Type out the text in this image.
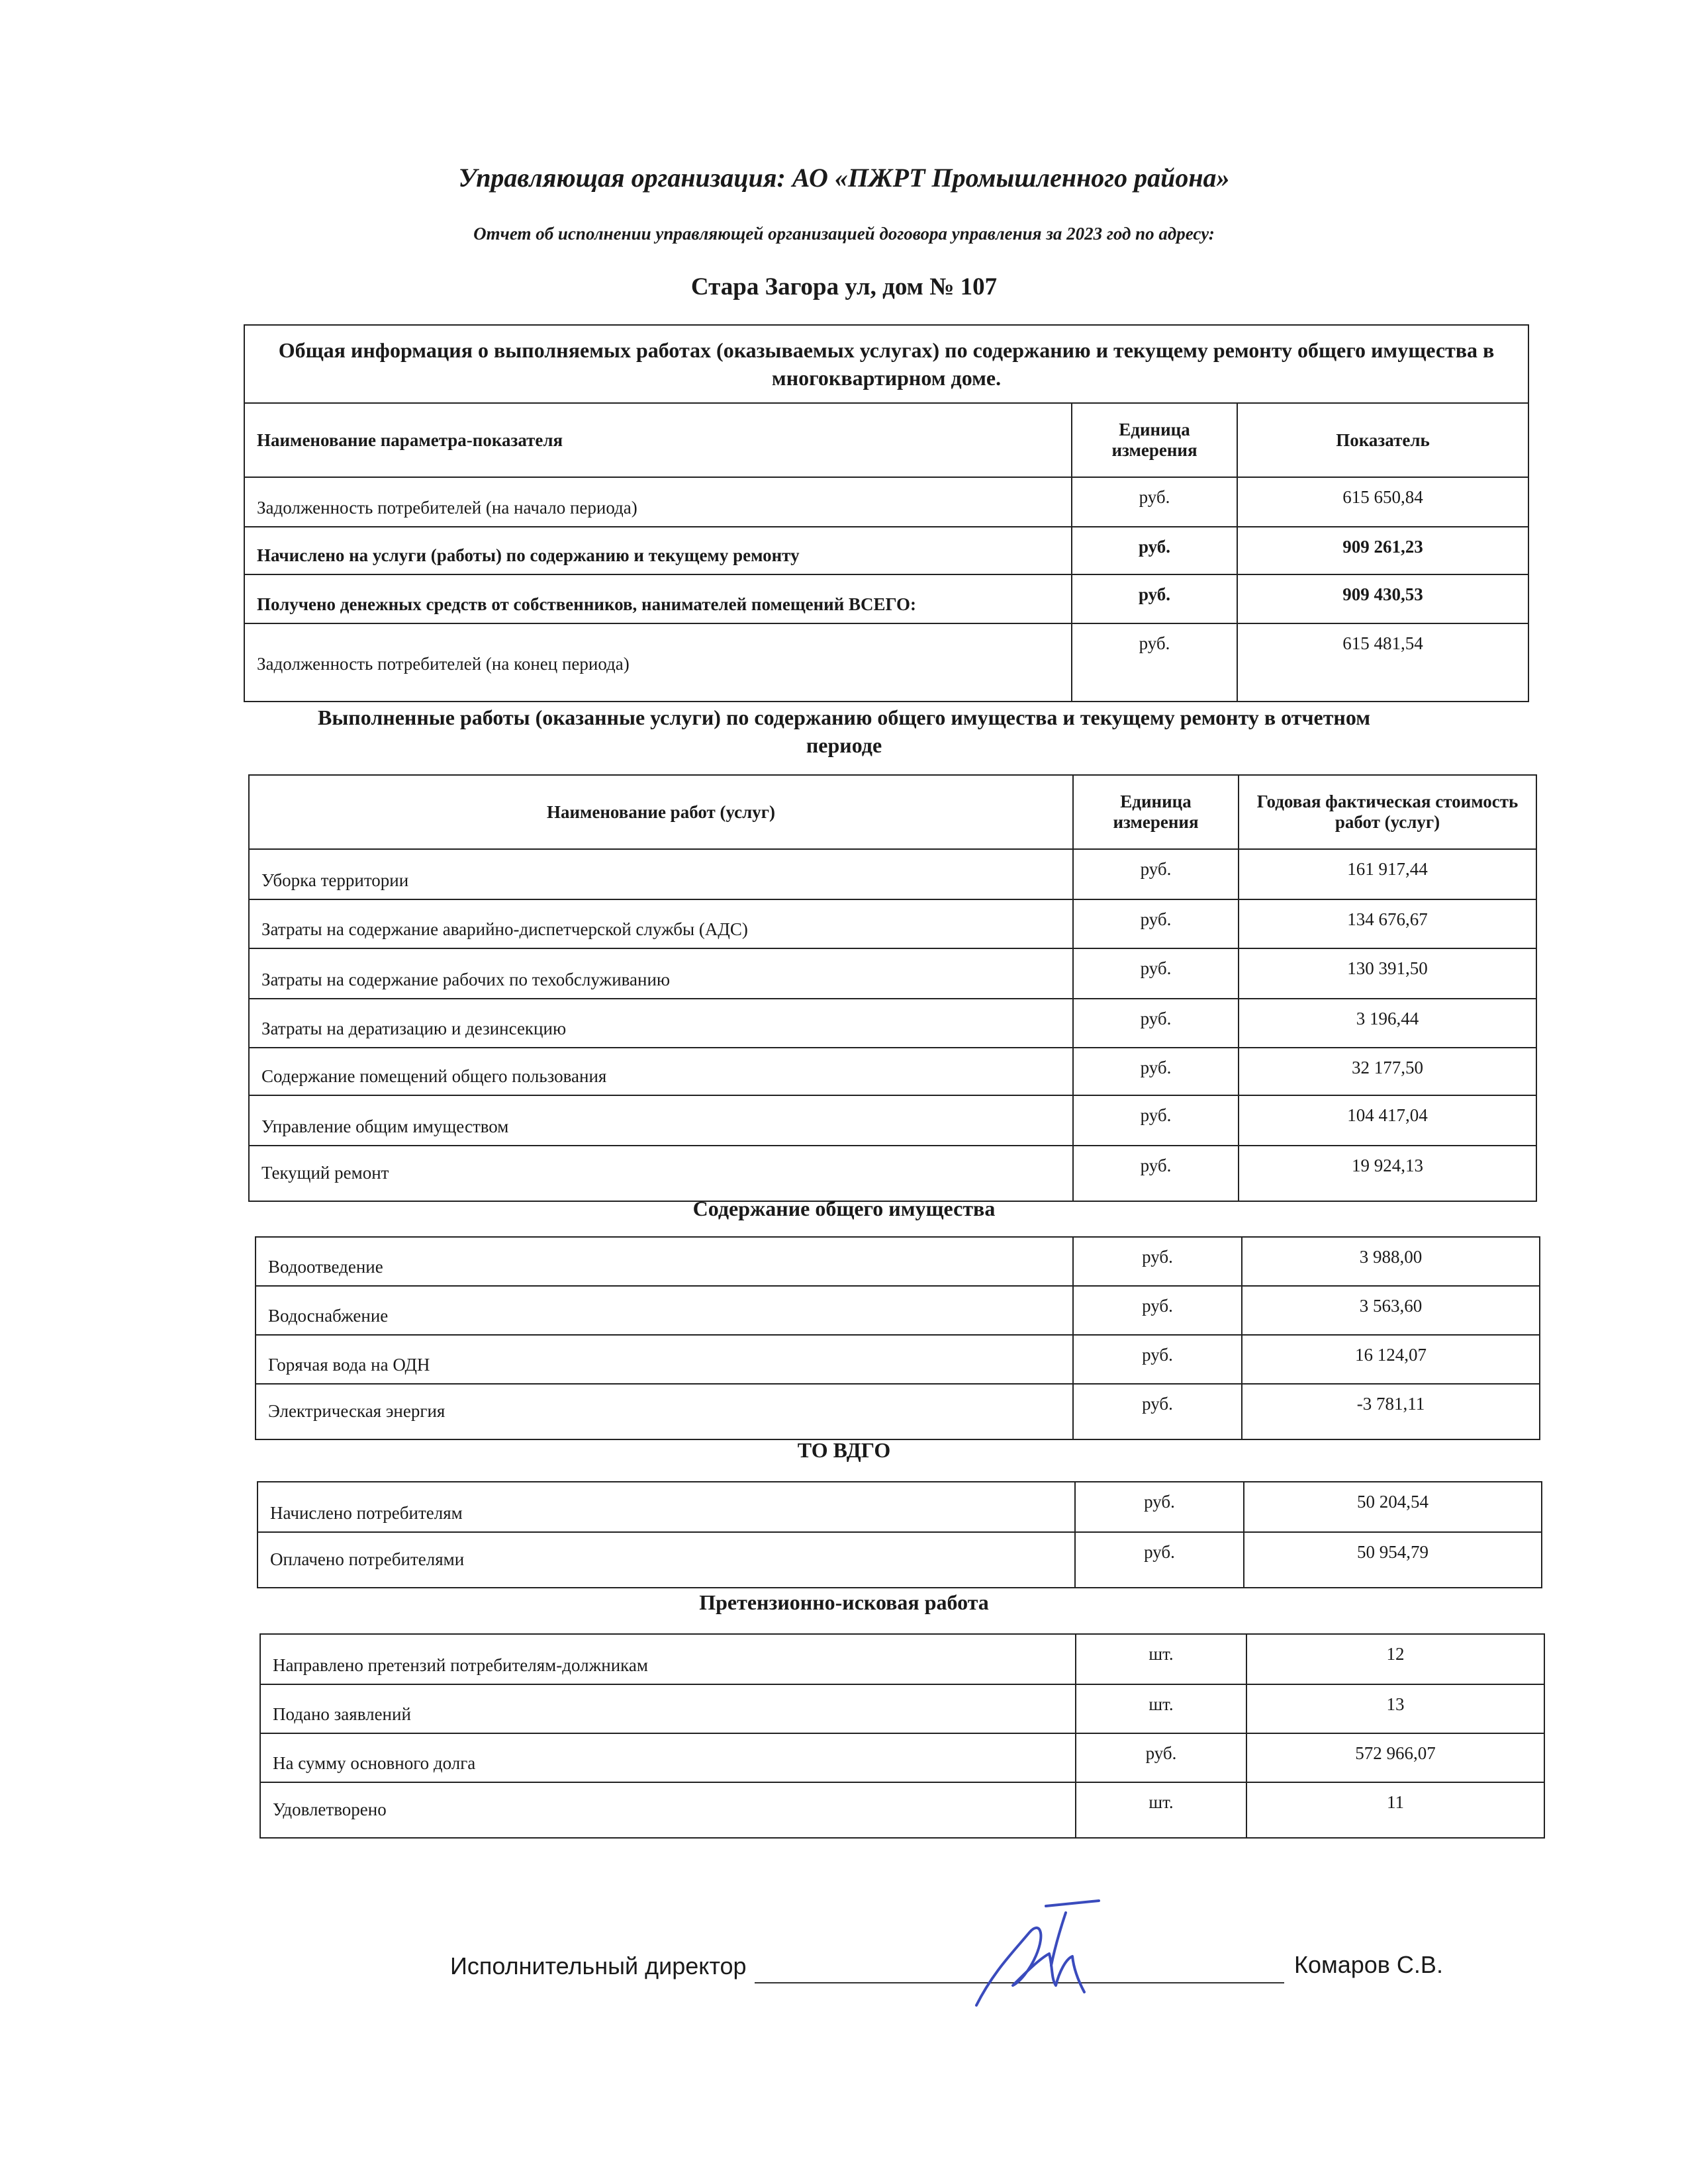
Управляющая организация: АО «ПЖРТ Промышленного района»
Отчет об исполнении управляющей организацией договора управления за 2023 год по адресу:
Стара Загора ул, дом № 107
Общая информация о выполняемых работах (оказываемых услугах) по содержанию и текущему ремонту общего имущества в многоквартирном доме.		
Наименование параметра-показателя	Единица измерения	Показатель
Задолженность потребителей (на начало периода)	руб.	615 650,84
Начислено на услуги (работы) по содержанию и текущему ремонту	руб.	909 261,23
Получено денежных средств от собственников, нанимателей помещений ВСЕГО:	руб.	909 430,53
Задолженность потребителей (на конец периода)	руб.	615 481,54
Выполненные работы (оказанные услуги) по содержанию общего имущества и текущему ремонту в отчетном периоде
Наименование работ (услуг)	Единица измерения	Годовая фактическая стоимость работ (услуг)
Уборка территории	руб.	161 917,44
Затраты на содержание аварийно-диспетчерской службы (АДС)	руб.	134 676,67
Затраты на содержание рабочих по техобслуживанию	руб.	130 391,50
Затраты на дератизацию и дезинсекцию	руб.	3 196,44
Содержание помещений общего пользования	руб.	32 177,50
Управление общим имуществом	руб.	104 417,04
Текущий ремонт	руб.	19 924,13
Содержание общего имущества
Водоотведение	руб.	3 988,00
Водоснабжение	руб.	3 563,60
Горячая вода на ОДН	руб.	16 124,07
Электрическая энергия	руб.	-3 781,11
ТО ВДГО
Начислено потребителям	руб.	50 204,54
Оплачено потребителями	руб.	50 954,79
Претензионно-исковая работа
Направлено претензий потребителям-должникам	шт.	12
Подано заявлений	шт.	13
На сумму основного долга	руб.	572 966,07
Удовлетворено	шт.	11
Исполнительный директор	Комаров С.В.
